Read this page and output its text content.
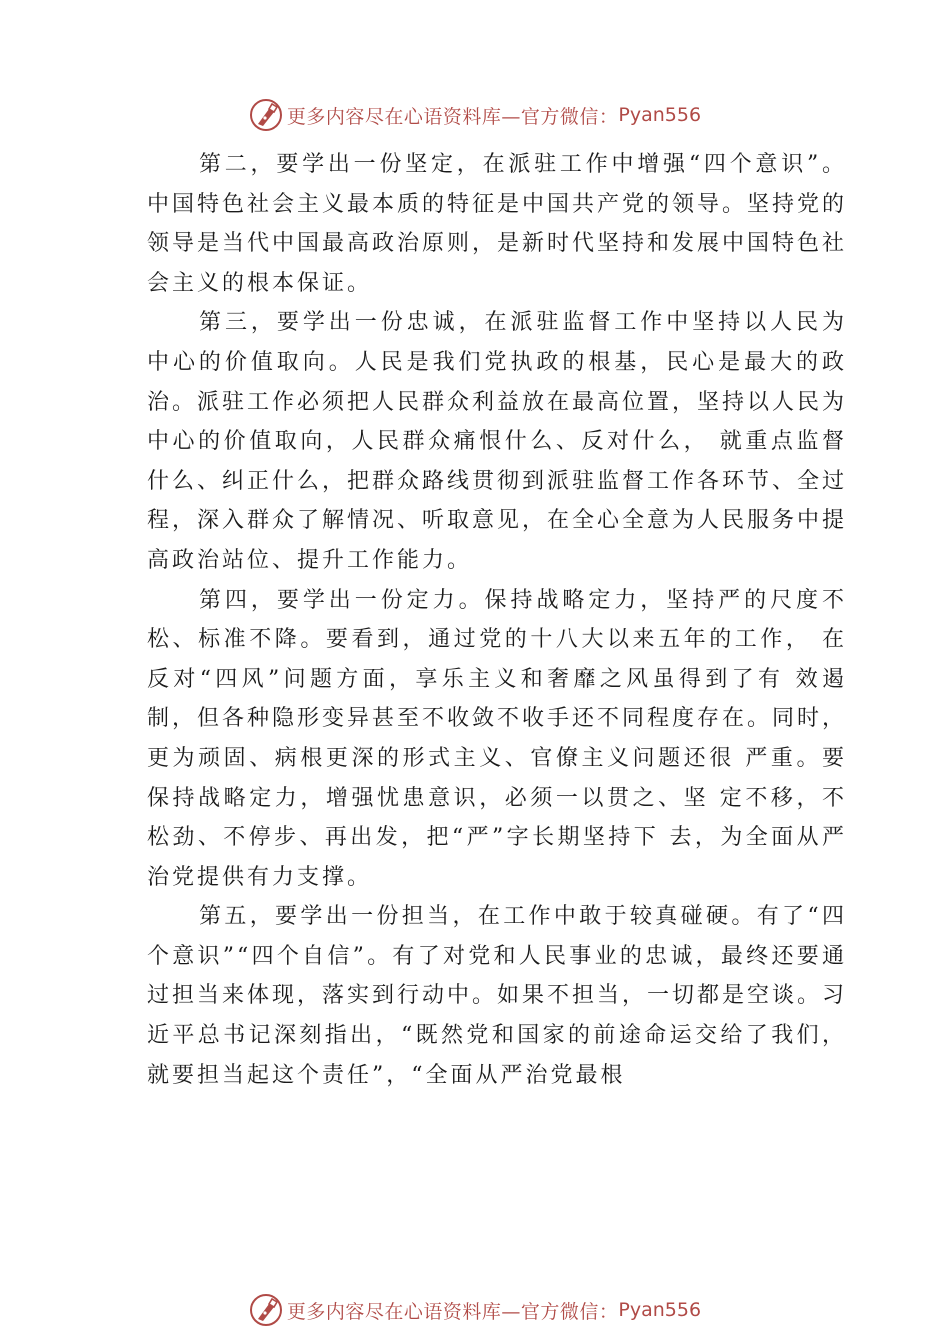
更多内容尽在心语资料库—官方微信： Pyan556

第二，要学出一份坚定，在派驻工作中增强“四个意识”。中国特色社会主义最本质的特征是中国共产党的领导。坚持党的领导是当代中国最高政治原则，是新时代坚持和发展中国特色社会主义的根本保证。

第三，要学出一份忠诚，在派驻监督工作中坚持以人民为中心的价值取向。人民是我们党执政的根基，民心是最大的政治。派驻工作必须把人民群众利益放在最高位置，坚持以人民为中心的价值取向，人民群众痛恨什么、反对什么， 就重点监督什么、纠正什么，把群众路线贯彻到派驻监督工作各环节、全过程，深入群众了解情况、听取意见，在全心全意为人民服务中提高政治站位、提升工作能力。

第四，要学出一份定力。保持战略定力，坚持严的尺度不松、标准不降。要看到，通过党的十八大以来五年的工作， 在反对“四风”问题方面，享乐主义和奢靡之风虽得到了有 效遏制，但各种隐形变异甚至不收敛不收手还不同程度存在。同时，更为顽固、病根更深的形式主义、官僚主义问题还很 严重。要保持战略定力，增强忧患意识，必须一以贯之、坚 定不移，不松劲、不停步、再出发，把“严”字长期坚持下 去，为全面从严治党提供有力支撑。

第五，要学出一份担当，在工作中敢于较真碰硬。有了“四个意识”“四个自信”。有了对党和人民事业的忠诚，最终还要通过担当来体现，落实到行动中。如果不担当，一切都是空谈。习近平总书记深刻指出，“既然党和国家的前途命运交给了我们，就要担当起这个责任”，“全面从严治党最根

更多内容尽在心语资料库—官方微信： Pyan556
